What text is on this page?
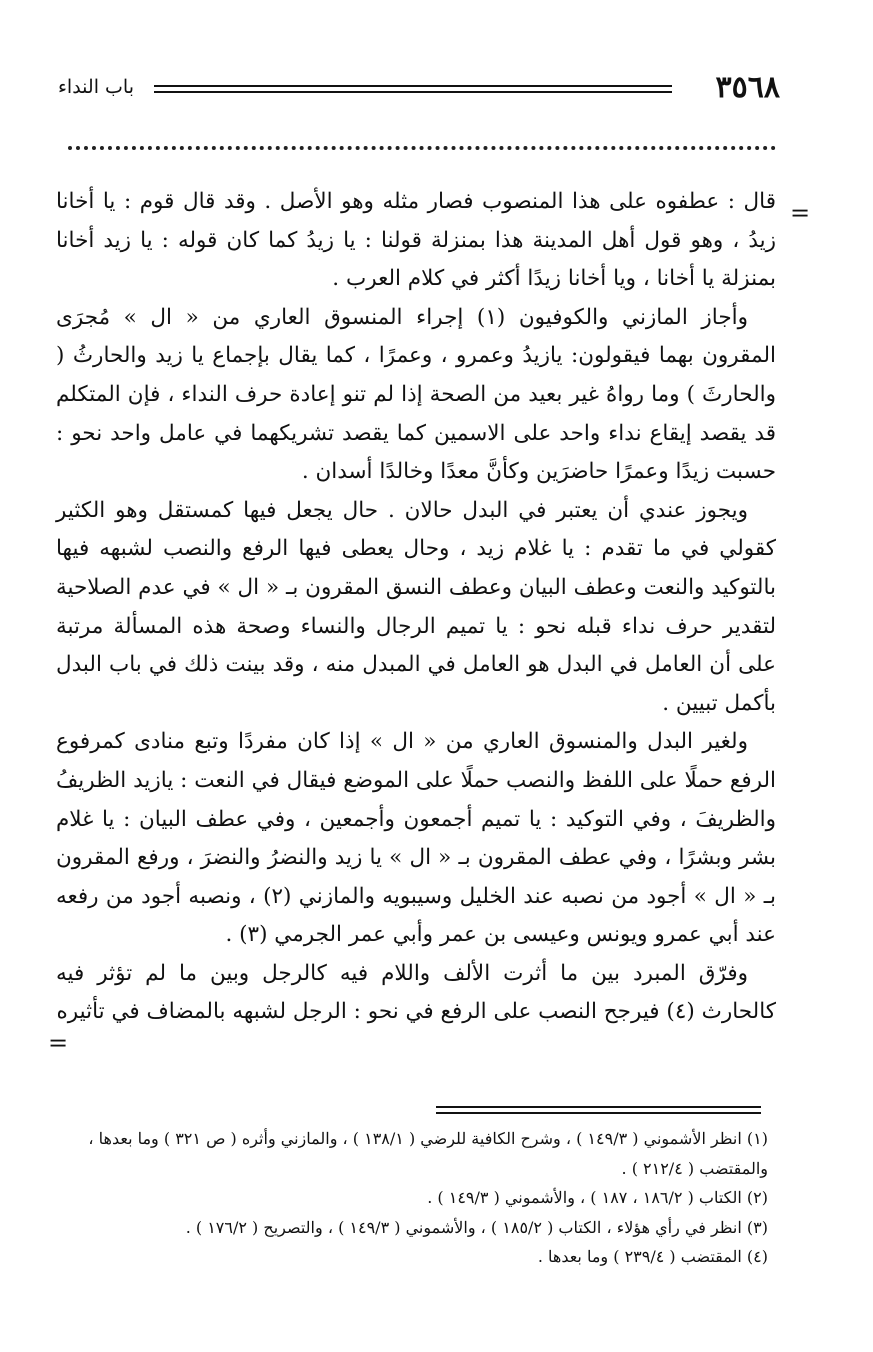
٣٥٦٨
باب النداء
=

قال : عطفوه على هذا المنصوب فصار مثله وهو الأصل . وقد قال قوم : يا أخانا زيدُ ، وهو قول أهل المدينة هذا بمنزلة قولنا : يا زيدُ كما كان قوله : يا زيد أخانا بمنزلة يا أخانا ، ويا أخانا زيدًا أكثر في كلام العرب .

وأجاز المازني والكوفيون (١) إجراء المنسوق العاري من « ال » مُجرَى المقرون بهما فيقولون: يازيدُ وعمرو ، وعمرًا ، كما يقال بإجماع يا زيد والحارثُ ( والحارثَ ) وما رواهُ غير بعيد من الصحة إذا لم تنو إعادة حرف النداء ، فإن المتكلم قد يقصد إيقاع نداء واحد على الاسمين كما يقصد تشريكهما في عامل واحد نحو : حسبت زيدًا وعمرًا حاضرَين وكأنَّ معدًا وخالدًا أسدان .

ويجوز عندي أن يعتبر في البدل حالان . حال يجعل فيها كمستقل وهو الكثير كقولي في ما تقدم : يا غلام زيد ، وحال يعطى فيها الرفع والنصب لشبهه فيها بالتوكيد والنعت وعطف البيان وعطف النسق المقرون بـ « ال » في عدم الصلاحية لتقدير حرف نداء قبله نحو : يا تميم الرجال والنساء وصحة هذه المسألة مرتبة على أن العامل في البدل هو العامل في المبدل منه ، وقد بينت ذلك في باب البدل بأكمل تبيين .

ولغير البدل والمنسوق العاري من « ال » إذا كان مفردًا وتبع منادى كمرفوع الرفع حملًا على اللفظ والنصب حملًا على الموضع فيقال في النعت : يازيد الظريفُ والظريفَ ، وفي التوكيد : يا تميم أجمعون وأجمعين ، وفي عطف البيان : يا غلام بشر وبشرًا ، وفي عطف المقرون بـ « ال » يا زيد والنضرُ والنضرَ ، ورفع المقرون بـ « ال » أجود من نصبه عند الخليل وسيبويه والمازني (٢) ، ونصبه أجود من رفعه عند أبي عمرو ويونس وعيسى بن عمر وأبي عمر الجرمي (٣) .

وفرّق المبرد بين ما أثرت الألف واللام فيه كالرجل وبين ما لم تؤثر فيه كالحارث (٤) فيرجح النصب على الرفع في نحو : الرجل لشبهه بالمضاف في تأثيره

=

(١) انظر الأشموني ( ١٤٩/٣ ) ، وشرح الكافية للرضي ( ١٣٨/١ ) ، والمازني وأثره ( ص ٣٢١ ) وما بعدها ، والمقتضب ( ٢١٢/٤ ) .

(٢) الكتاب ( ١٨٦/٢ ، ١٨٧ ) ، والأشموني ( ١٤٩/٣ ) .

(٣) انظر في رأي هؤلاء ، الكتاب ( ١٨٥/٢ ) ، والأشموني ( ١٤٩/٣ ) ، والتصريح ( ١٧٦/٢ ) .

(٤) المقتضب ( ٢٣٩/٤ ) وما بعدها .
